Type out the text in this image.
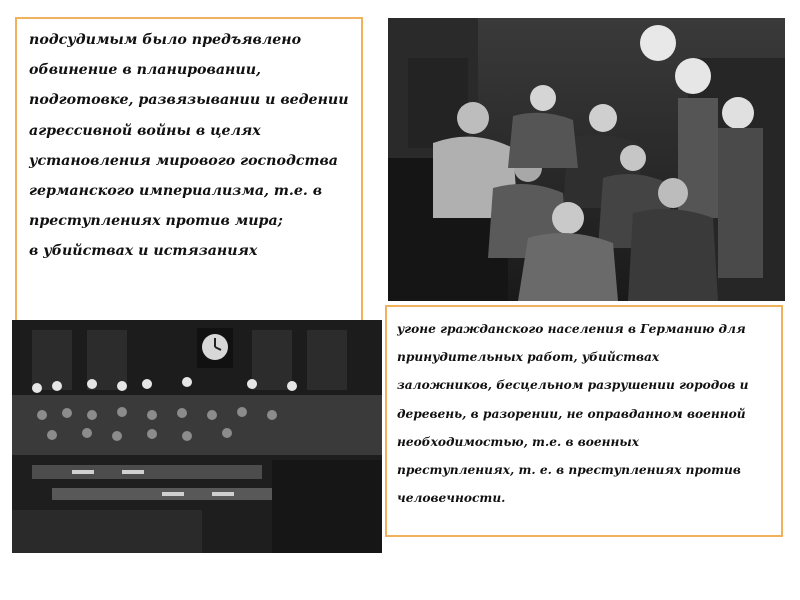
подсудимым было предъявлено
обвинение в планировании,
подготовке, развязывании и ведении
агрессивной войны в целях
установления мирового господства
германского империализма, т.е. в
преступлениях против мира;
в убийствах и истязаниях
угоне гражданского населения в Германию для
принудительных работ, убийствах
заложников, бесцельном разрушении городов и
деревень, в разорении, не оправданном военной
необходимостью, т.е. в военных
преступлениях, т. е. в преступлениях против
человечности.
